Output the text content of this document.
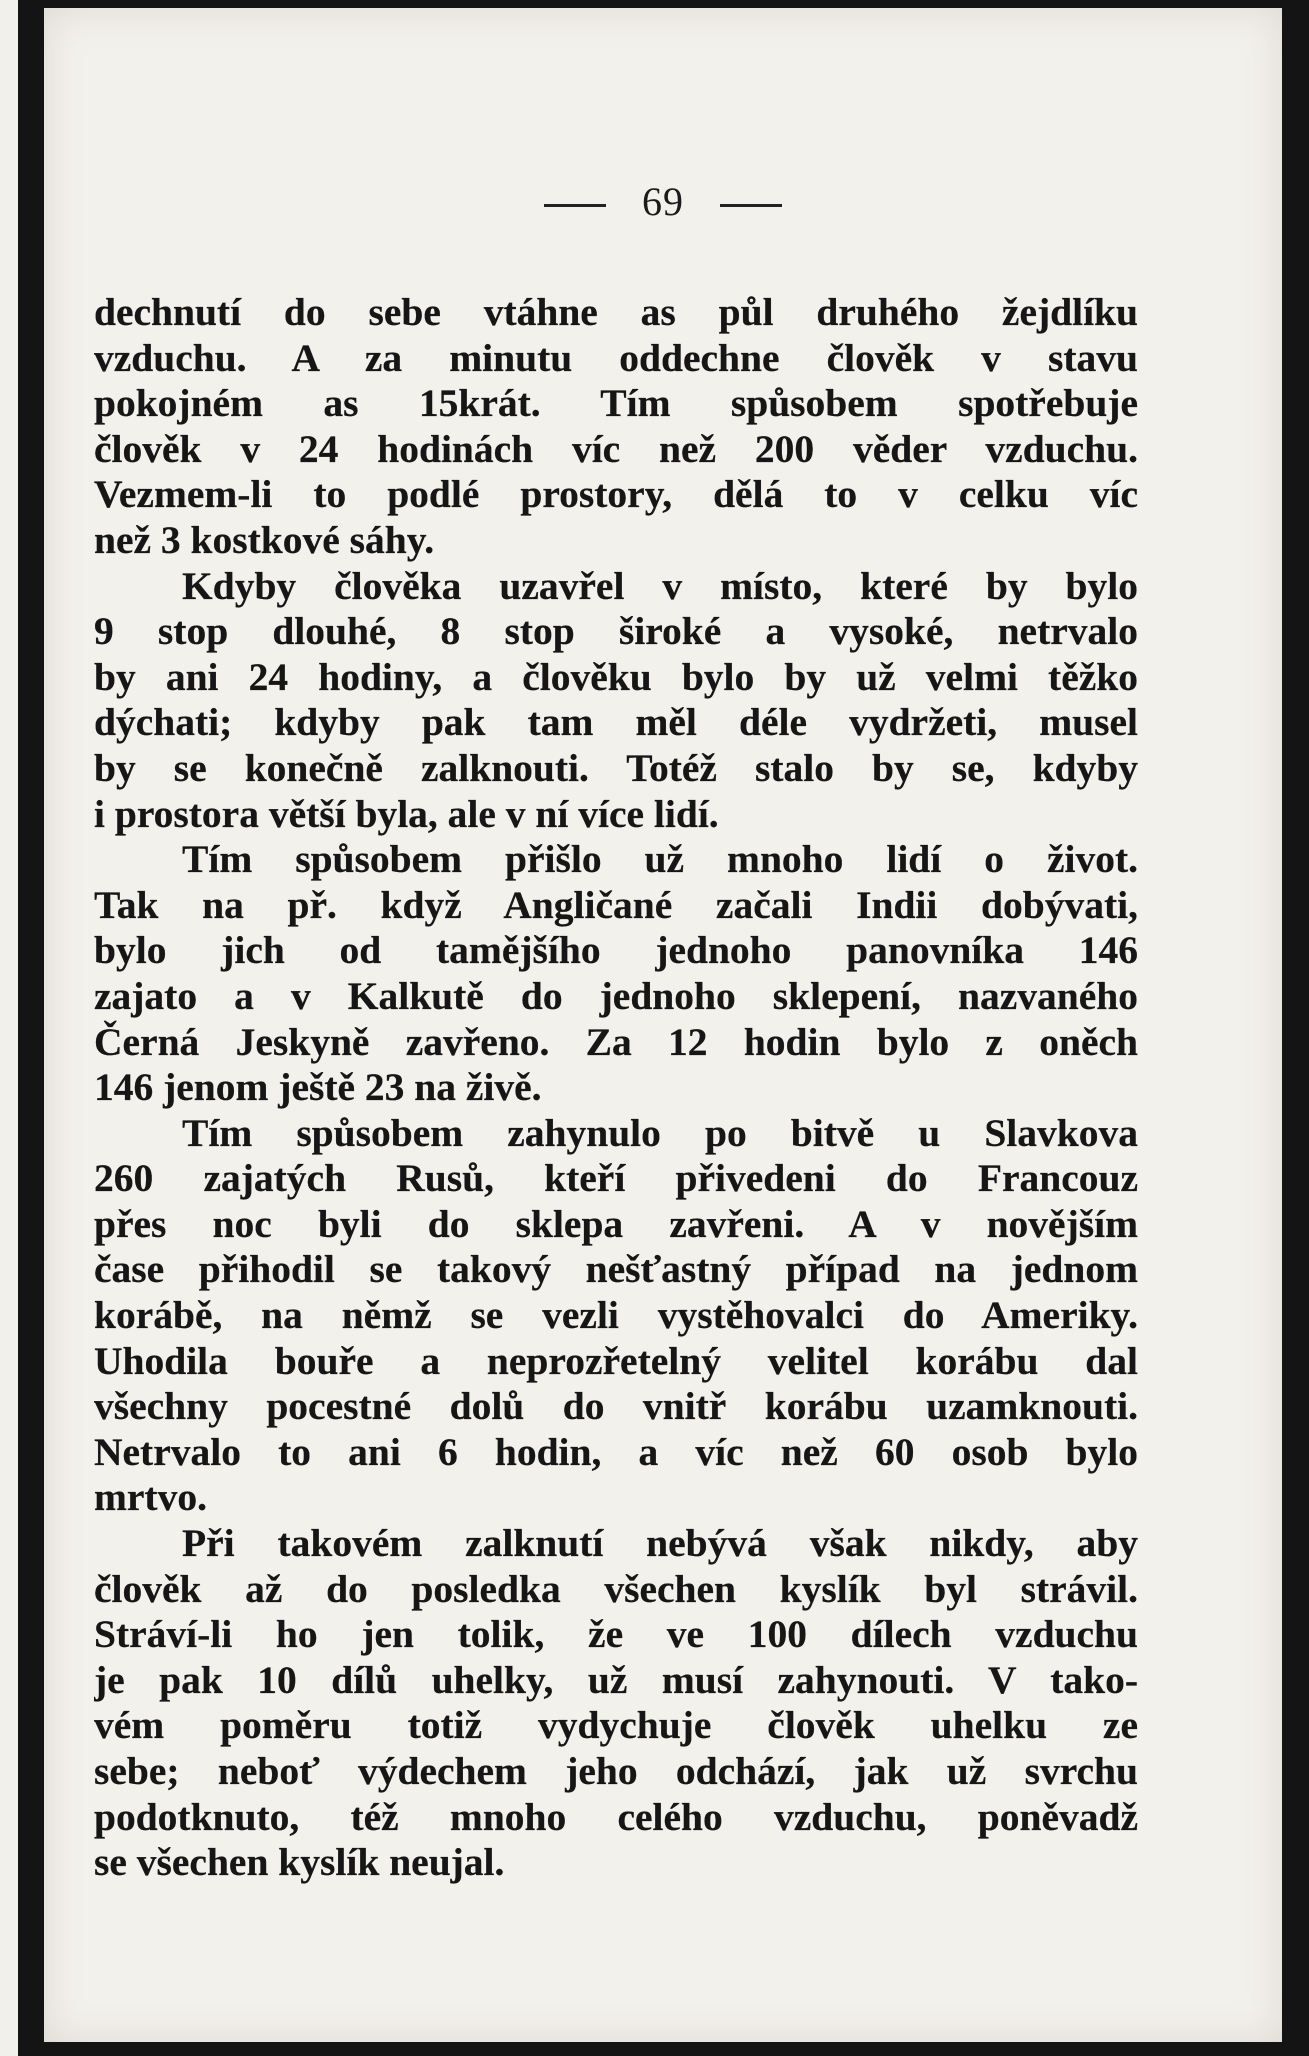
69
dechnutí do sebe vtáhne as půl druhého žejdlíku
vzduchu. A za minutu oddechne člověk v stavu
pokojném as 15krát. Tím spůsobem spotřebuje
člověk v 24 hodinách víc než 200 věder vzduchu.
Vezmem-li to podlé prostory, dělá to v celku víc
než 3 kostkové sáhy.
Kdyby člověka uzavřel v místo, které by bylo
9 stop dlouhé, 8 stop široké a vysoké, netrvalo
by ani 24 hodiny, a člověku bylo by už velmi těžko
dýchati; kdyby pak tam měl déle vydržeti, musel
by se konečně zalknouti. Totéž stalo by se, kdyby
i prostora větší byla, ale v ní více lidí.
Tím spůsobem přišlo už mnoho lidí o život.
Tak na př. když Angličané začali Indii dobývati,
bylo jich od tamějšího jednoho panovníka 146
zajato a v Kalkutě do jednoho sklepení, nazvaného
Černá Jeskyně zavřeno. Za 12 hodin bylo z oněch
146 jenom ještě 23 na živě.
Tím spůsobem zahynulo po bitvě u Slavkova
260 zajatých Rusů, kteří přivedeni do Francouz
přes noc byli do sklepa zavřeni. A v novějším
čase přihodil se takový nešťastný případ na jednom
korábě, na němž se vezli vystěhovalci do Ameriky.
Uhodila bouře a neprozřetelný velitel korábu dal
všechny pocestné dolů do vnitř korábu uzamknouti.
Netrvalo to ani 6 hodin, a víc než 60 osob bylo
mrtvo.
Při takovém zalknutí nebývá však nikdy, aby
člověk až do posledka všechen kyslík byl strávil.
Stráví-li ho jen tolik, že ve 100 dílech vzduchu
je pak 10 dílů uhelky, už musí zahynouti. V tako-
vém poměru totiž vydychuje člověk uhelku ze
sebe; neboť výdechem jeho odchází, jak už svrchu
podotknuto, též mnoho celého vzduchu, poněvadž
se všechen kyslík neujal.
